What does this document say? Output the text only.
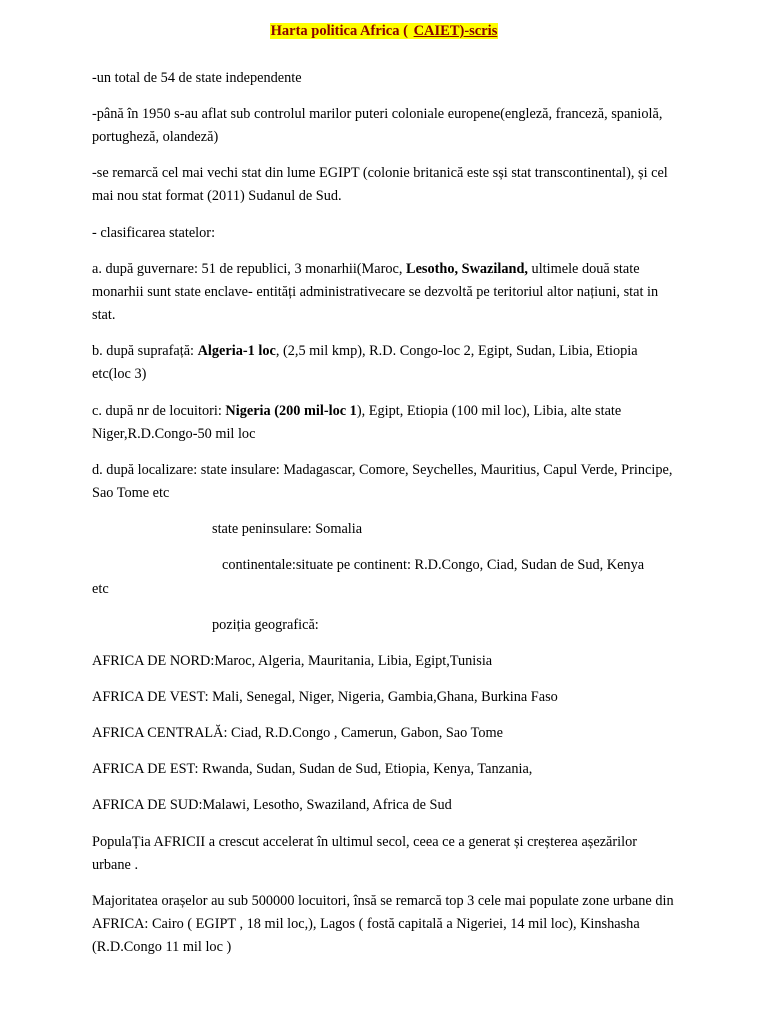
Harta politica Africa ( CAIET)-scris

-un total de 54 de state independente

-până în 1950 s-au aflat sub controlul marilor puteri coloniale europene(engleză, franceză, spaniolă, portugheză, olandeză)

-se remarcă cel mai vechi stat din lume EGIPT (colonie britanică este sși stat transcontinental), și cel mai nou stat format (2011) Sudanul de Sud.

- clasificarea statelor:

a. după guvernare: 51 de republici, 3 monarhii(Maroc, Lesotho, Swaziland, ultimele două state monarhii sunt state enclave- entități administrativecare se dezvoltă pe teritoriul altor națiuni, stat in stat.

b. după suprafață: Algeria-1 loc, (2,5 mil kmp), R.D. Congo-loc 2, Egipt, Sudan, Libia, Etiopia etc(loc 3)

c. după nr de locuitori: Nigeria (200 mil-loc 1), Egipt, Etiopia (100 mil loc), Libia, alte state Niger,R.D.Congo-50 mil loc

d. după localizare: state insulare: Madagascar, Comore, Seychelles, Mauritius, Capul Verde, Principe, Sao Tome etc

state peninsulare: Somalia

continentale:situate pe continent: R.D.Congo, Ciad, Sudan de Sud, Kenya
etc

poziția geografică:

AFRICA DE NORD:Maroc, Algeria, Mauritania, Libia, Egipt,Tunisia

AFRICA DE VEST: Mali, Senegal, Niger, Nigeria, Gambia,Ghana, Burkina Faso

AFRICA CENTRALĂ: Ciad, R.D.Congo , Camerun, Gabon, Sao Tome

AFRICA DE EST: Rwanda, Sudan, Sudan de Sud, Etiopia, Kenya, Tanzania,

AFRICA DE SUD:Malawi, Lesotho, Swaziland, Africa de Sud

PopulaȚia AFRICII a crescut accelerat în ultimul secol, ceea ce a generat și creșterea așezărilor urbane .

Majoritatea orașelor au sub 500000 locuitori, însă se remarcă top 3 cele mai populate zone urbane din AFRICA: Cairo ( EGIPT , 18 mil loc,), Lagos ( fostă capitală a Nigeriei, 14 mil loc), Kinshasha (R.D.Congo 11 mil loc )
